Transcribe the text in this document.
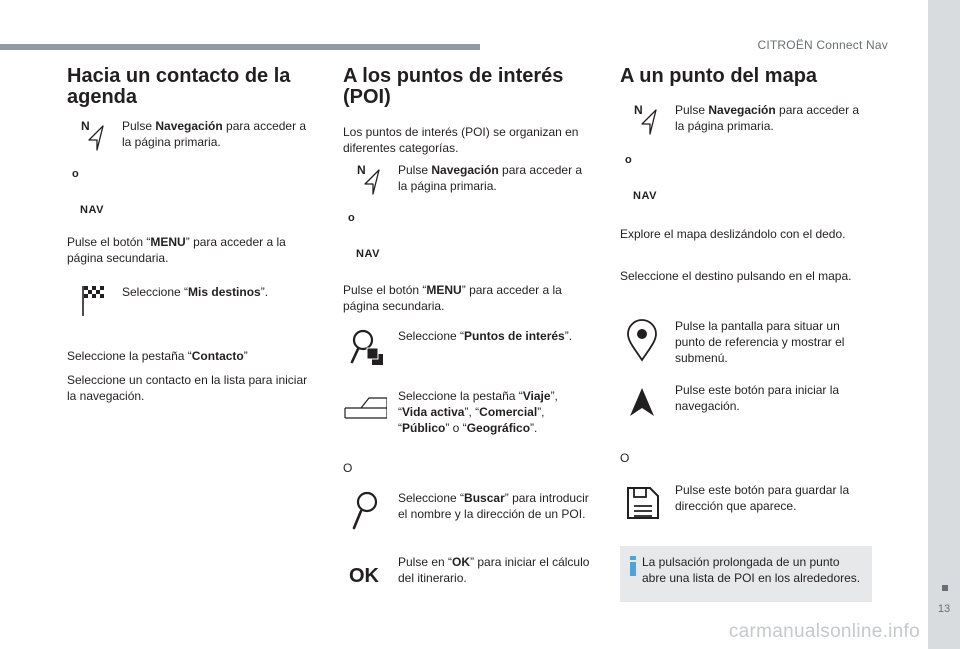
CITROËN Connect Nav
13
carmanualsonline.info
Hacia un contacto de la agenda
N	Pulse Navegación para acceder a la página primaria.
o
NAV

Pulse el botón “MENU” para acceder a la página secundaria.

Seleccione “Mis destinos”.

Seleccione la pestaña “Contacto”

Seleccione un contacto en la lista para iniciar la navegación.

A los puntos de interés (POI)

Los puntos de interés (POI) se organizan en diferentes categorías.

N	Pulse Navegación para acceder a la página primaria.
o
NAV

Pulse el botón “MENU” para acceder a la página secundaria.

Seleccione “Puntos de interés”.
Seleccione la pestaña “Viaje”, “Vida activa”, “Comercial”, “Público” o “Geográfico”.

O

Seleccione “Buscar” para introducir el nombre y la dirección de un POI.
OK
Pulse en “OK” para iniciar el cálculo del itinerario.
A un punto del mapa
N	Pulse Navegación para acceder a la página primaria.
o
NAV

Explore el mapa deslizándolo con el dedo.

Seleccione el destino pulsando en el mapa.

Pulse la pantalla para situar un punto de referencia y mostrar el submenú.
Pulse este botón para iniciar la navegación.

O

Pulse este botón para guardar la dirección que aparece.
La pulsación prolongada de un punto abre una lista de POI en los alrededores.
